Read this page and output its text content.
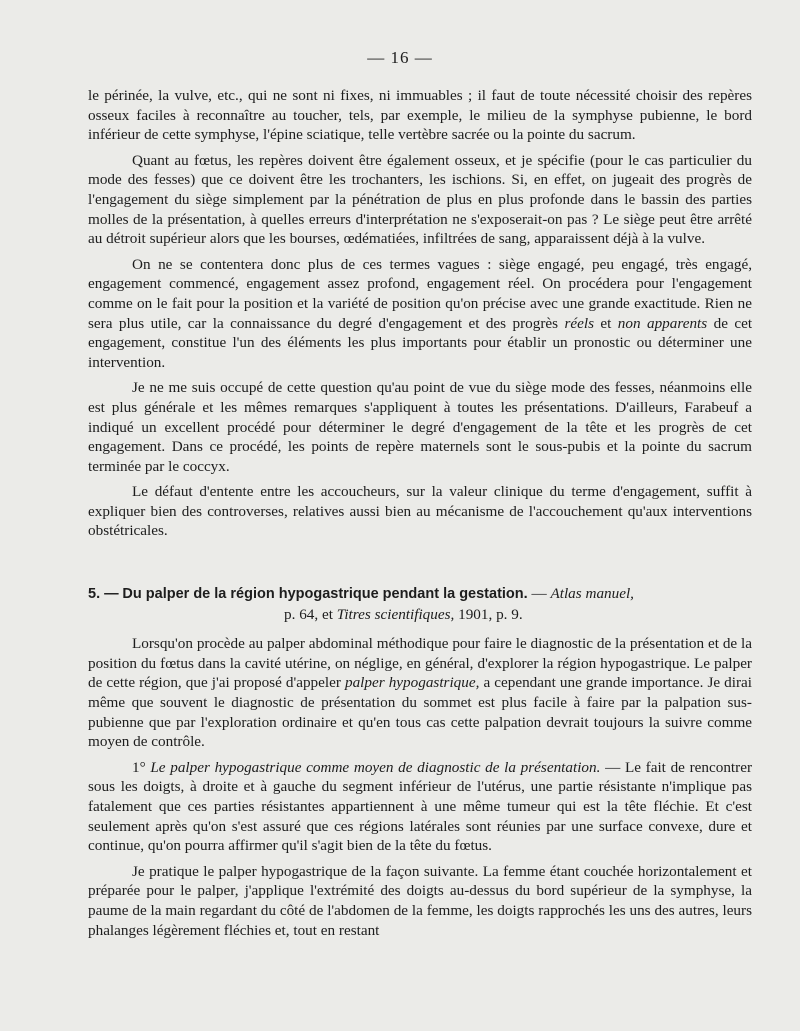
— 16 —

le périnée, la vulve, etc., qui ne sont ni fixes, ni immuables ; il faut de toute nécessité choisir des repères osseux faciles à reconnaître au toucher, tels, par exemple, le milieu de la symphyse pubienne, le bord inférieur de cette symphyse, l'épine sciatique, telle vertèbre sacrée ou la pointe du sacrum.

Quant au fœtus, les repères doivent être également osseux, et je spécifie (pour le cas particulier du mode des fesses) que ce doivent être les trochanters, les ischions. Si, en effet, on jugeait des progrès de l'engagement du siège simplement par la pénétration de plus en plus profonde dans le bassin des parties molles de la présentation, à quelles erreurs d'interprétation ne s'exposerait-on pas ? Le siège peut être arrêté au détroit supérieur alors que les bourses, œdématiées, infiltrées de sang, apparaissent déjà à la vulve.

On ne se contentera donc plus de ces termes vagues : siège engagé, peu engagé, très engagé, engagement commencé, engagement assez profond, engagement réel. On procédera pour l'engagement comme on le fait pour la position et la variété de position qu'on précise avec une grande exactitude. Rien ne sera plus utile, car la connaissance du degré d'engagement et des progrès réels et non apparents de cet engagement, constitue l'un des éléments les plus importants pour établir un pronostic ou déterminer une intervention.

Je ne me suis occupé de cette question qu'au point de vue du siège mode des fesses, néanmoins elle est plus générale et les mêmes remarques s'appliquent à toutes les présentations. D'ailleurs, Farabeuf a indiqué un excellent procédé pour déterminer le degré d'engagement de la tête et les progrès de cet engagement. Dans ce procédé, les points de repère maternels sont le sous-pubis et la pointe du sacrum terminée par le coccyx.

Le défaut d'entente entre les accoucheurs, sur la valeur clinique du terme d'engagement, suffit à expliquer bien des controverses, relatives aussi bien au mécanisme de l'accouchement qu'aux interventions obstétricales.

5. — Du palper de la région hypogastrique pendant la gestation. — Atlas manuel,
p. 64, et Titres scientifiques, 1901, p. 9.

Lorsqu'on procède au palper abdominal méthodique pour faire le diagnostic de la présentation et de la position du fœtus dans la cavité utérine, on néglige, en général, d'explorer la région hypogastrique. Le palper de cette région, que j'ai proposé d'appeler palper hypogastrique, a cependant une grande importance. Je dirai même que souvent le diagnostic de présentation du sommet est plus facile à faire par la palpation sus-pubienne que par l'exploration ordinaire et qu'en tous cas cette palpation devrait toujours la suivre comme moyen de contrôle.

1° Le palper hypogastrique comme moyen de diagnostic de la présentation. — Le fait de rencontrer sous les doigts, à droite et à gauche du segment inférieur de l'utérus, une partie résistante n'implique pas fatalement que ces parties résistantes appartiennent à une même tumeur qui est la tête fléchie. Et c'est seulement après qu'on s'est assuré que ces régions latérales sont réunies par une surface convexe, dure et continue, qu'on pourra affirmer qu'il s'agit bien de la tête du fœtus.

Je pratique le palper hypogastrique de la façon suivante. La femme étant couchée horizontalement et préparée pour le palper, j'applique l'extrémité des doigts au-dessus du bord supérieur de la symphyse, la paume de la main regardant du côté de l'abdomen de la femme, les doigts rapprochés les uns des autres, leurs phalanges légèrement fléchies et, tout en restant
